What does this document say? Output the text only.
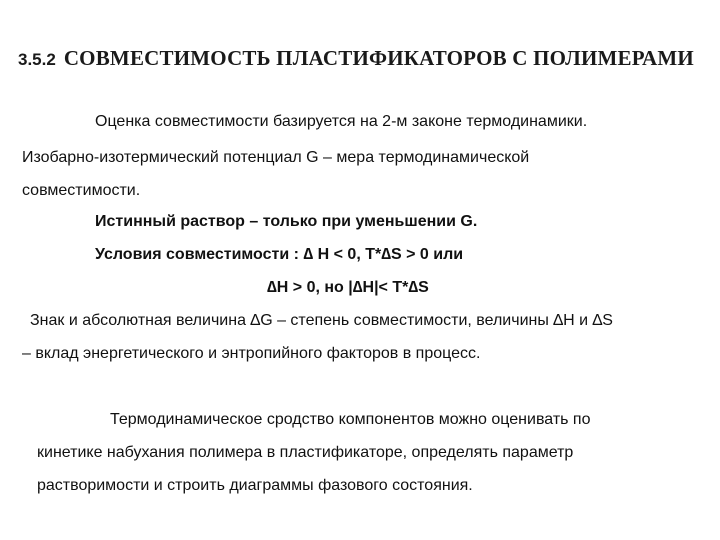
3.5.2 СОВМЕСТИМОСТЬ ПЛАСТИФИКАТОРОВ С ПОЛИМЕРАМИ
Оценка совместимости базируется на 2-м законе термодинамики.
Изобарно-изотермический потенциал G – мера термодинамической
совместимости.
Истинный раствор – только при уменьшении G.
Условия совместимости : ∆ H < 0, T*∆S > 0 или
∆H > 0, но |∆H|< T*∆S
Знак и абсолютная величина ∆G – степень совместимости, величины ∆H и ∆S
– вклад энергетического и энтропийного факторов в процесс.
Термодинамическое сродство компонентов можно оценивать по
кинетике набухания полимера в пластификаторе, определять параметр
растворимости и строить диаграммы фазового состояния.
